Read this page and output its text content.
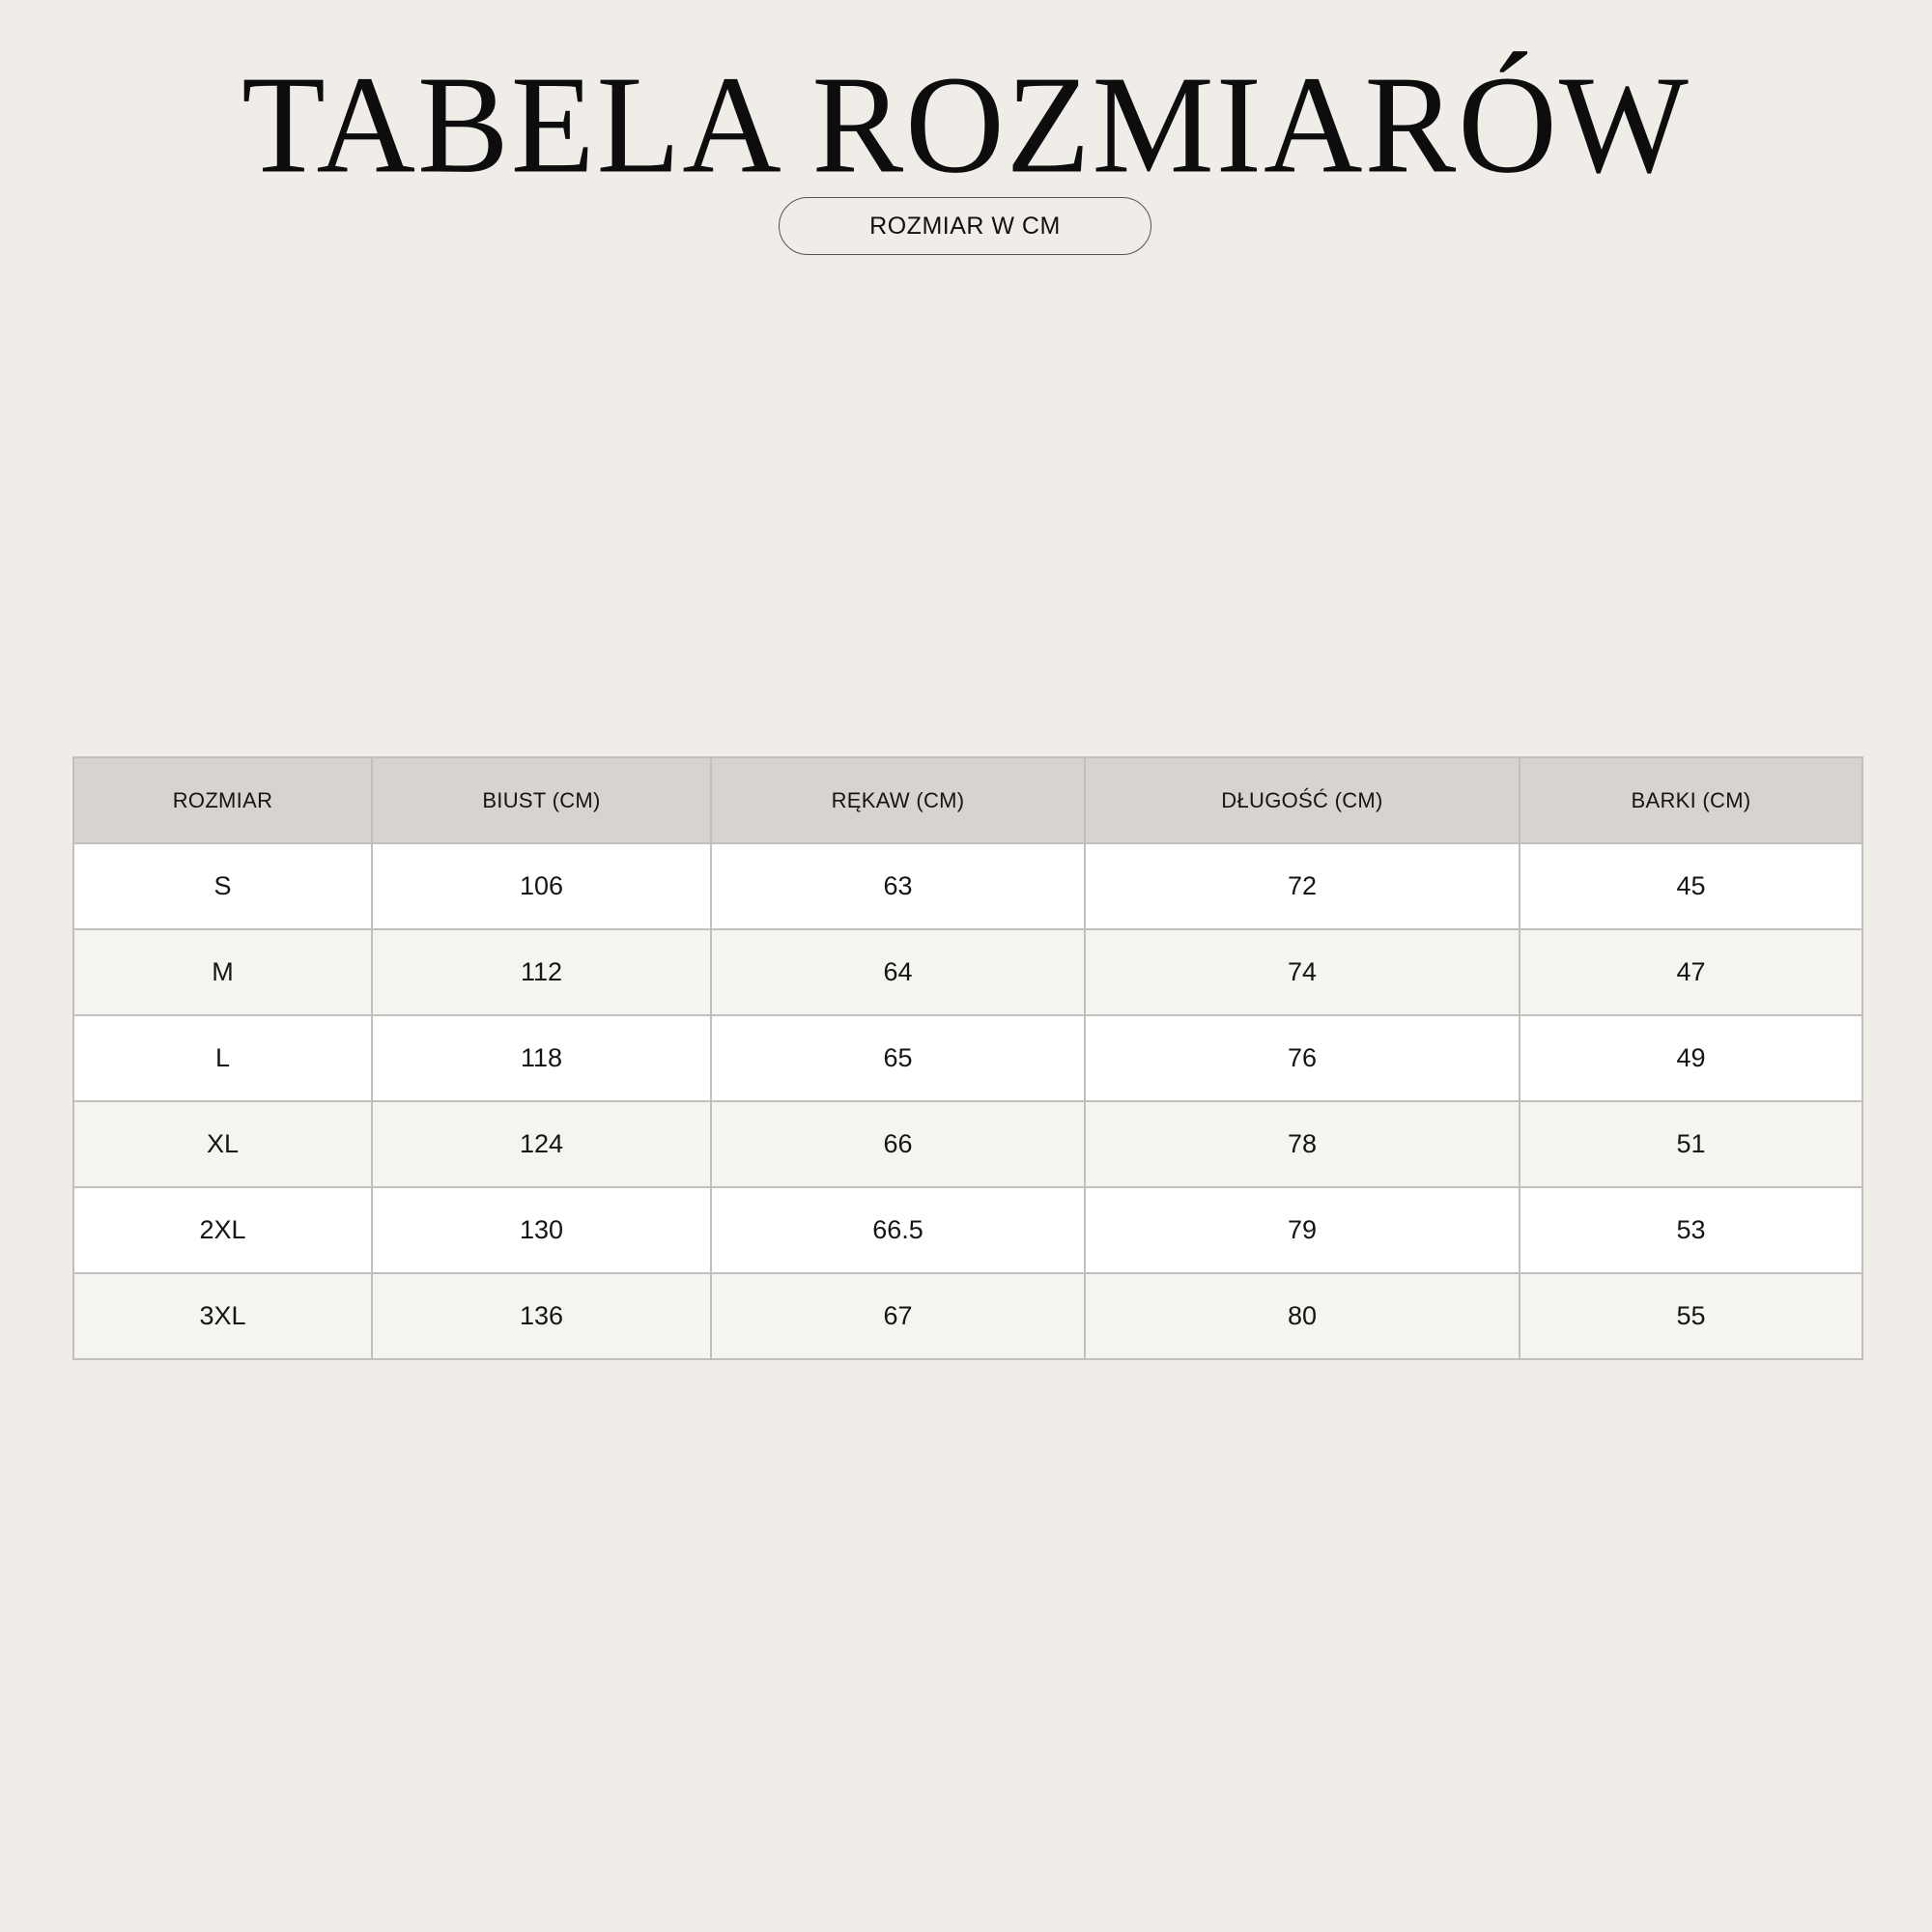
TABELA ROZMIARÓW
ROZMIAR W CM
ROZMIAR	BIUST (CM)	RĘKAW (CM)	DŁUGOŚĆ (CM)	BARKI (CM)
S	106	63	72	45
M	112	64	74	47
L	118	65	76	49
XL	124	66	78	51
2XL	130	66.5	79	53
3XL	136	67	80	55
